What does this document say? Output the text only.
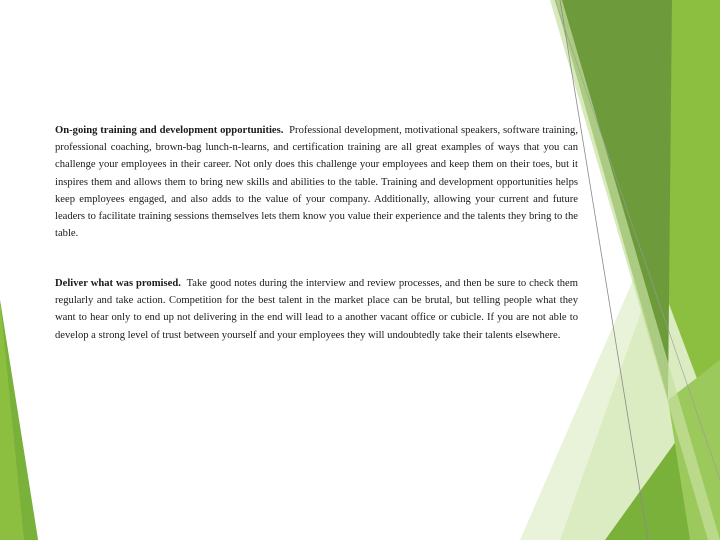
On-going training and development opportunities. Professional development, motivational speakers, software training, professional coaching, brown-bag lunch-n-learns, and certification training are all great examples of ways that you can challenge your employees in their career. Not only does this challenge your employees and keep them on their toes, but it inspires them and allows them to bring new skills and abilities to the table. Training and development opportunities helps keep employees engaged, and also adds to the value of your company. Additionally, allowing your current and future leaders to facilitate training sessions themselves lets them know you value their experience and the talents they bring to the table.

Deliver what was promised. Take good notes during the interview and review processes, and then be sure to check them regularly and take action. Competition for the best talent in the market place can be brutal, but telling people what they want to hear only to end up not delivering in the end will lead to a another vacant office or cubicle. If you are not able to develop a strong level of trust between yourself and your employees they will undoubtedly take their talents elsewhere.
